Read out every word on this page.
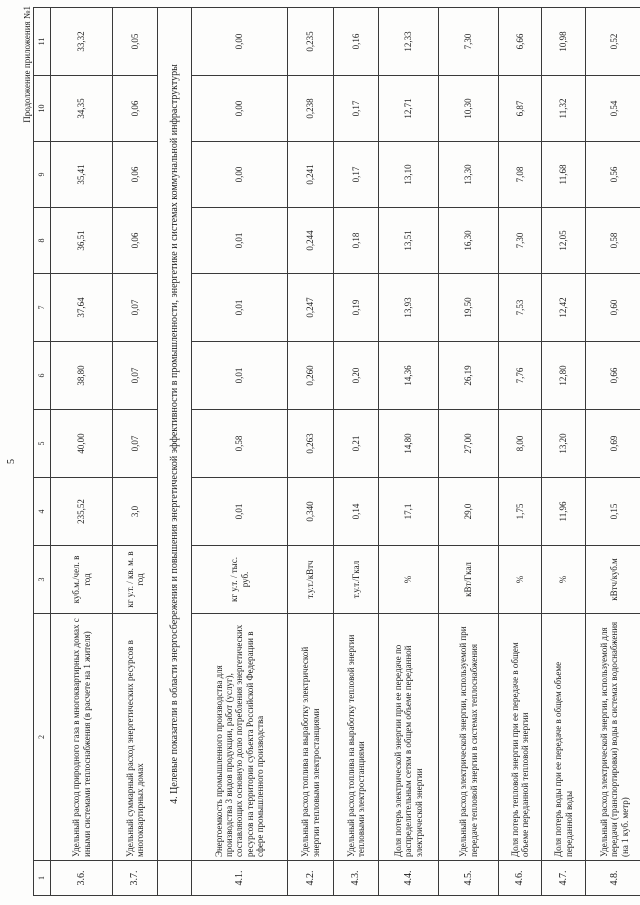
5
Продолжение приложения №1
1	2	3	4	5	6	7	8	9	10	11
3.6.	Удельный расход природного газа в многоквартирных домах с иными системами теплоснабжения (в расчете на 1 жителя)	куб.м./чел. в год	235,52	40,00	38,80	37,64	36,51	35,41	34,35	33,32
3.7.	Удельный суммарный расход энергетических ресурсов в многоквартирных домах	кг у.т. / кв. м. в год	3,0	0,07	0,07	0,07	0,06	0,06	0,06	0,05
	4. Целевые показатели в области энергосбережения и повышения энергетической эффективности в промышленности, энергетике и системах коммунальной инфраструктуры									
4.1.	Энергоемкость промышленного производства для производства 3 видов продукции, работ (услуг), составляющих основную долю потребления энергетических ресурсов на территории субъекта Российской Федерации в сфере промышленного производства	кг у.т. / тыс. руб.	0,01	0,58	0,01	0,01	0,01	0,00	0,00	0,00
4.2.	Удельный расход топлива на выработку электрической энергии тепловыми электростанциями	т.у.т./кВтч	0,340	0,263	0,260	0,247	0,244	0,241	0,238	0,235
4.3.	Удельный расход топлива на выработку тепловой энергии тепловыми электростанциями	т.у.т./Гкал	0,14	0,21	0,20	0,19	0,18	0,17	0,17	0,16
4.4.	Доля потерь электрической энергии при ее передаче по распределительным сетям в общем объеме переданной электрической энергии	%	17,1	14,80	14,36	13,93	13,51	13,10	12,71	12,33
4.5.	Удельный расход электрической энергии, используемой при передаче тепловой энергии в системах теплоснабжения	кВт/Гкал	29,0	27,00	26,19	19,50	16,30	13,30	10,30	7,30
4.6.	Доля потерь тепловой энергии при ее передаче в общем объеме переданной тепловой энергии	%	1,75	8,00	7,76	7,53	7,30	7,08	6,87	6,66
4.7.	Доля потерь воды при ее передаче в общем объеме переданной воды	%	11,96	13,20	12,80	12,42	12,05	11,68	11,32	10,98
4.8.	Удельный расход электрической энергии, используемой для передачи (транспортировки) воды в системах водоснабжения (на 1 куб. метр)	кВтч/куб.м	0,15	0,69	0,66	0,60	0,58	0,56	0,54	0,52
